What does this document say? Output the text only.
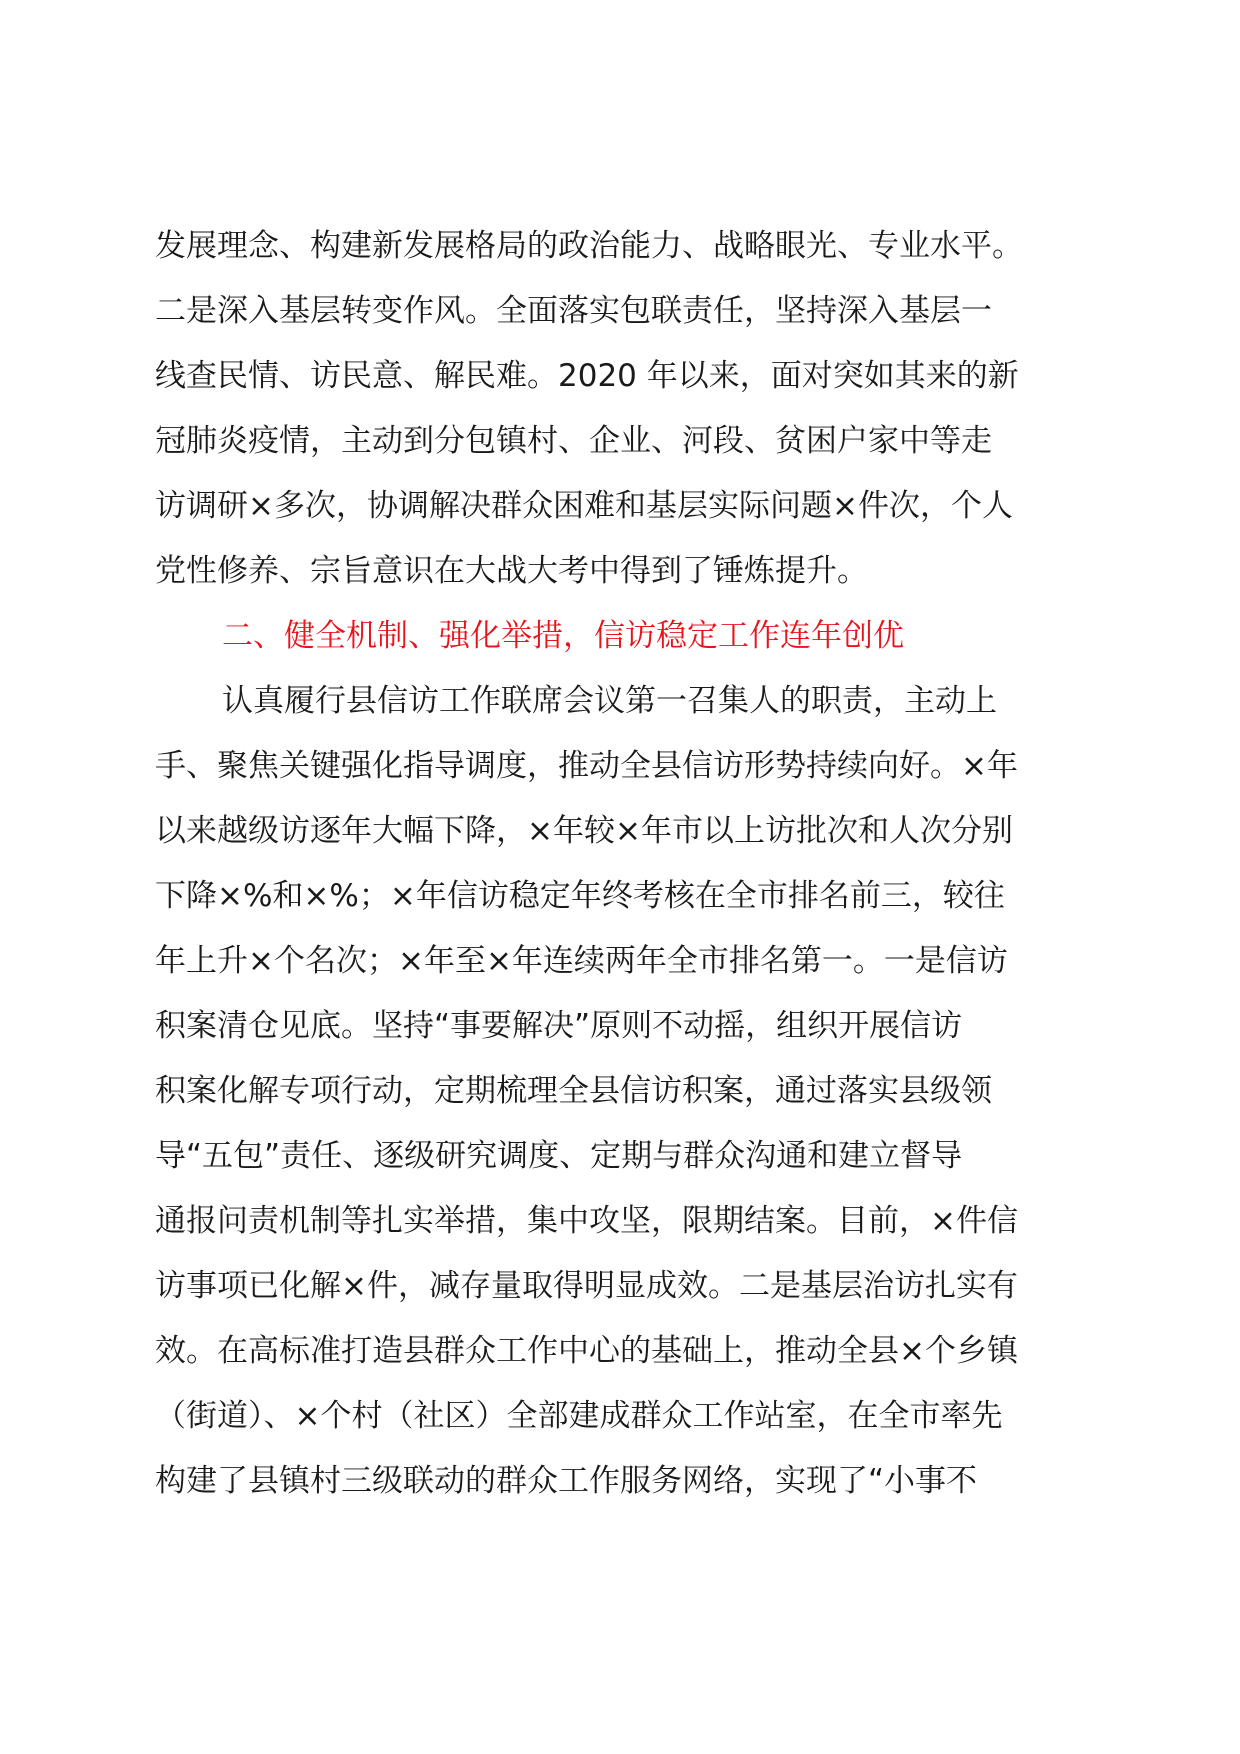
发展理念、构建新发展格局的政治能力、战略眼光、专业水平。
二是深入基层转变作风。全面落实包联责任，坚持深入基层一
线查民情、访民意、解民难。2020 年以来，面对突如其来的新
冠肺炎疫情，主动到分包镇村、企业、河段、贫困户家中等走
访调研×多次，协调解决群众困难和基层实际问题×件次，个人
党性修养、宗旨意识在大战大考中得到了锤炼提升。
二、健全机制、强化举措，信访稳定工作连年创优
认真履行县信访工作联席会议第一召集人的职责，主动上
手、聚焦关键强化指导调度，推动全县信访形势持续向好。×年
以来越级访逐年大幅下降，×年较×年市以上访批次和人次分别
下降×%和×%；×年信访稳定年终考核在全市排名前三，较往
年上升×个名次；×年至×年连续两年全市排名第一。一是信访
积案清仓见底。坚持“事要解决”原则不动摇，组织开展信访
积案化解专项行动，定期梳理全县信访积案，通过落实县级领
导“五包”责任、逐级研究调度、定期与群众沟通和建立督导
通报问责机制等扎实举措，集中攻坚，限期结案。目前，×件信
访事项已化解×件，减存量取得明显成效。二是基层治访扎实有
效。在高标准打造县群众工作中心的基础上，推动全县×个乡镇
（街道）、×个村（社区）全部建成群众工作站室，在全市率先
构建了县镇村三级联动的群众工作服务网络，实现了“小事不
